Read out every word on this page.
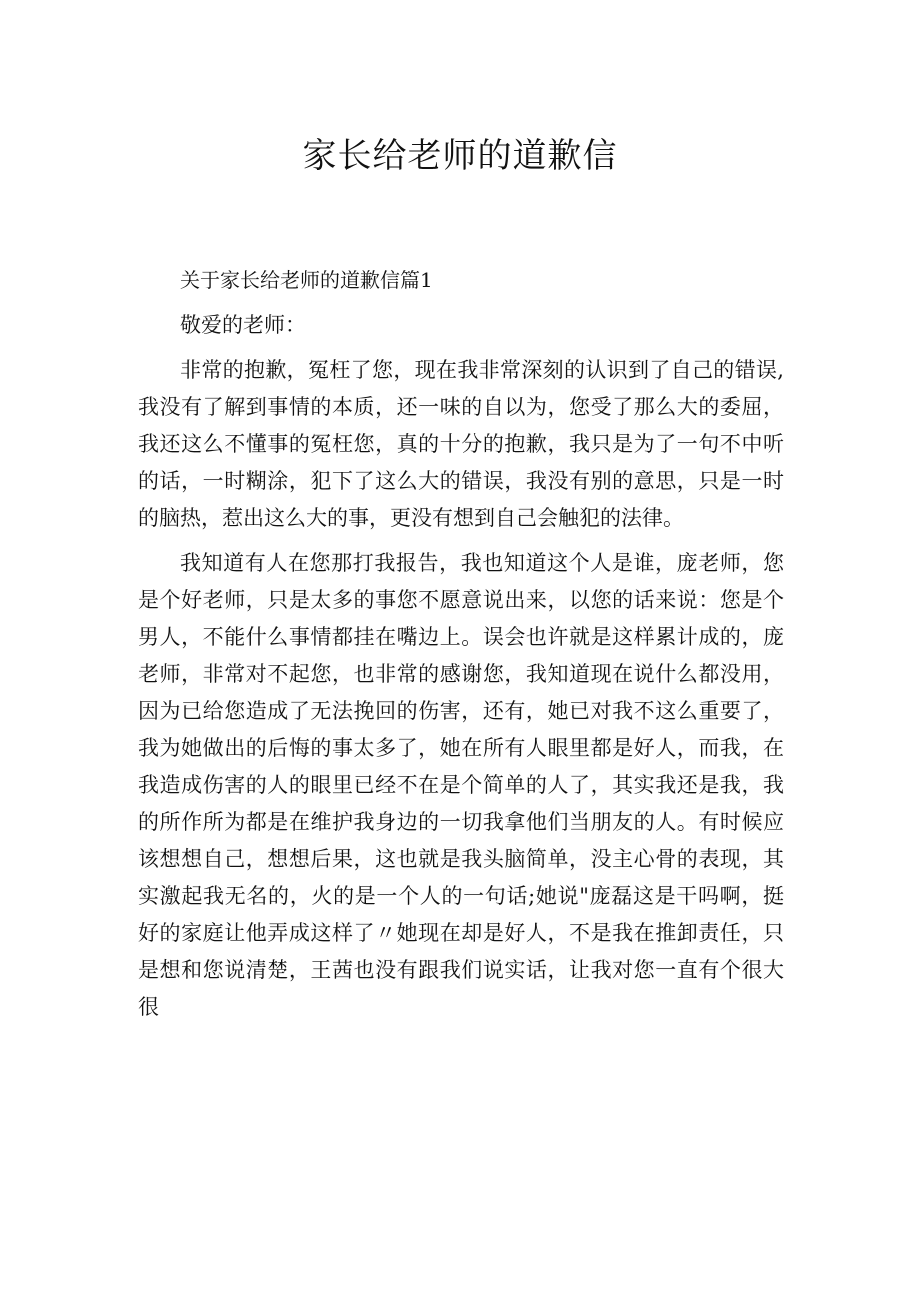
家长给老师的道歉信

关于家长给老师的道歉信篇1

敬爱的老师：

非常的抱歉，冤枉了您，现在我非常深刻的认识到了自己的错误,我没有了解到事情的本质，还一味的自以为，您受了那么大的委屈，我还这么不懂事的冤枉您，真的十分的抱歉，我只是为了一句不中听的话，一时糊涂，犯下了这么大的错误，我没有别的意思，只是一时的脑热，惹出这么大的事，更没有想到自己会触犯的法律。

我知道有人在您那打我报告，我也知道这个人是谁，庞老师，您是个好老师，只是太多的事您不愿意说出来，以您的话来说：您是个男人，不能什么事情都挂在嘴边上。误会也许就是这样累计成的，庞老师，非常对不起您，也非常的感谢您，我知道现在说什么都没用，因为已给您造成了无法挽回的伤害，还有，她已对我不这么重要了，我为她做出的后悔的事太多了，她在所有人眼里都是好人，而我，在我造成伤害的人的眼里已经不在是个简单的人了，其实我还是我，我的所作所为都是在维护我身边的一切我拿他们当朋友的人。有时候应该想想自己，想想后果，这也就是我头脑简单，没主心骨的表现，其实激起我无名的，火的是一个人的一句话;她说"庞磊这是干吗啊，挺好的家庭让他弄成这样了〃她现在却是好人，不是我在推卸责任，只是想和您说清楚，王茜也没有跟我们说实话，让我对您一直有个很大很
